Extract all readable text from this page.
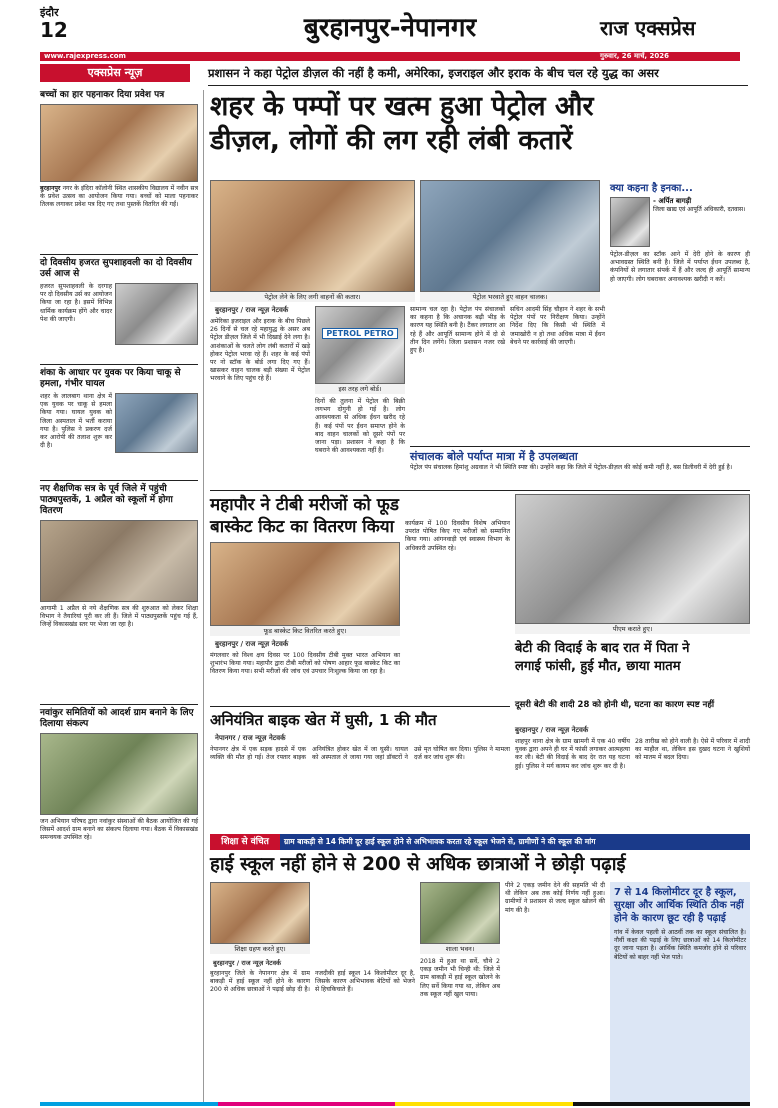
इंदौर
12	बुरहानपुर-नेपानगर	राज एक्सप्रेस
www.rajexpress.com	गुरुवार, 26 मार्च, 2026
एक्सप्रेस न्यूज़	प्रशासन ने कहा पेट्रोल डीज़ल की नहीं है कमी, अमेरिका, इजराइल और इराक के बीच चल रहे युद्ध का असर
बच्चों का हार पहनाकर दिया प्रवेश पत्र
बुरहानपुर नगर के इंदिरा कॉलोनी स्थित शासकीय विद्यालय में नवीन सत्र के प्रवेश उत्सव का आयोजन किया गया। बच्चों को माला पहनाकर तिलक लगाकर प्रवेश पत्र दिए गए तथा पुस्तकें वितरित की गईं।
दो दिवसीय हजरत सुपशाहवली का दो दिवसीय उर्स आज से
हजरत सुपशाहवली के दरगाह पर दो दिवसीय उर्स का आयोजन किया जा रहा है। इसमें विभिन्न धार्मिक कार्यक्रम होंगे और चादर पेश की जाएगी।
शंका के आधार पर युवक पर किया चाकू से हमला, गंभीर घायल
शहर के लालबाग थाना क्षेत्र में एक युवक पर चाकू से हमला किया गया। घायल युवक को जिला अस्पताल में भर्ती कराया गया है। पुलिस ने प्रकरण दर्ज कर आरोपी की तलाश शुरू कर दी है।
नए शैक्षणिक सत्र के पूर्व जिले में पहुंची पाठ्यपुस्तकें, 1 अप्रैल को स्कूलों में होगा वितरण
आगामी 1 अप्रैल से नये शैक्षणिक सत्र की शुरुआत को लेकर शिक्षा विभाग ने तैयारियां पूरी कर ली हैं। जिले में पाठ्यपुस्तकें पहुंच गई हैं, जिन्हें विकासखंड स्तर पर भेजा जा रहा है।
नवांकुर समितियों को आदर्श ग्राम बनाने के लिए दिलाया संकल्प
जन अभियान परिषद द्वारा नवांकुर संस्थाओं की बैठक आयोजित की गई जिसमें आदर्श ग्राम बनाने का संकल्प दिलाया गया। बैठक में विकासखंड समन्वयक उपस्थित रहे।
शहर के पम्पों पर खत्म हुआ पेट्रोल और
डीज़ल, लोगों की लग रही लंबी कतारें
पेट्रोल लेने के लिए लगी वाहनों की कतार।	पेट्रोल भरवाते हुए वाहन चालक।
बुरहानपुर / राज न्यूज़ नेटवर्क
अमेरिका इजराइल और इराक के बीच पिछले 26 दिनों से चल रहे महायुद्ध के असर अब पेट्रोल डीज़ल जिले में भी दिखाई देने लगा है। आशंकाओं के चलते लोग लंबी कतारों में खड़े होकर पेट्रोल भरवा रहे हैं। शहर के कई पंपों पर नो स्टॉक के बोर्ड लगा दिए गए हैं। खासकर वाहन चालक बड़ी संख्या में पेट्रोल भरवाने के लिए पहुंच रहे हैं।
PETROL PETRO
इस तरह लगे बोर्ड।
दिनों की तुलना में पेट्रोल की बिक्री लगभग दोगुनी हो गई है। लोग आवश्यकता से अधिक ईंधन खरीद रहे हैं। कई पंपों पर ईंधन समाप्त होने के बाद वाहन चालकों को दूसरे पंपों पर जाना पड़ा। प्रशासन ने कहा है कि घबराने की आवश्यकता नहीं है।
सामान्य चल रहा है। पेट्रोल पंप संचालकों का कहना है कि अचानक बढ़ी भीड़ के कारण यह स्थिति बनी है। टैंकर लगातार आ रहे हैं और आपूर्ति सामान्य होने में दो से तीन दिन लगेंगे। जिला प्रशासन नजर रखे हुए है।
सचिन आदमी सिंह चौहान ने शहर के सभी पेट्रोल पंपों पर निरीक्षण किया। उन्होंने निर्देश दिए कि किसी भी स्थिति में जमाखोरी न हो तथा अधिक मात्रा में ईंधन बेचने पर कार्रवाई की जाएगी।
क्या कहना है इनका...
- अर्पित बागड़ी
जिला खाद्य एवं आपूर्ति अधिकारी, दतवास।
पेट्रोल-डीज़ल का स्टॉक आने में देरी होने के कारण ही अभावग्रस्त स्थिति बनी है। जिले में पर्याप्त ईंधन उपलब्ध है, कंपनियों से लगातार संपर्क में हैं और जल्द ही आपूर्ति सामान्य हो जाएगी। लोग घबराकर अनावश्यक खरीदी न करें।
संचालक बोले पर्याप्त मात्रा में है उपलब्धता
पेट्रोल पंप संचालक हिमांशु अग्रवाल ने भी स्थिति स्पष्ट की। उन्होंने कहा कि जिले में पेट्रोल-डीज़ल की कोई कमी नहीं है, बस डिलीवरी में देरी हुई है।
महापौर ने टीबी मरीजों को फूड
बास्केट किट का वितरण किया
फूड बास्केट किट वितरित करते हुए।
बुरहानपुर / राज न्यूज़ नेटवर्क
मंगलवार को विश्व क्षय दिवस पर 100 दिवसीय टीबी मुक्त भारत अभियान का शुभारंभ किया गया। महापौर द्वारा टीबी मरीजों को पोषण आहार फूड बास्केट किट का वितरण किया गया। सभी मरीजों की जांच एवं उपचार निःशुल्क किया जा रहा है।
कार्यक्रम में 100 दिवसीय विशेष अभियान उपरांत पोषित किए गए मरीजों को सम्मानित किया गया। आंगनवाड़ी एवं स्वास्थ्य विभाग के अधिकारी उपस्थित रहे।
पीएम कराते हुए।
बेटी की विदाई के बाद रात में पिता ने
लगाई फांसी, हुई मौत, छाया मातम
दूसरी बेटी की शादी 28 को होनी थी, घटना का कारण स्पष्ट नहीं
बुरहानपुर / राज न्यूज़ नेटवर्क
शाहपुर थाना क्षेत्र के ग्राम खामनी में एक 40 वर्षीय युवक द्वारा अपने ही घर में फांसी लगाकर आत्महत्या कर ली। बेटी की विदाई के बाद देर रात यह घटना हुई। पुलिस ने मर्ग कायम कर जांच शुरू कर दी है।
28 तारीख को होने वाली है। ऐसे में परिवार में शादी का माहौल था, लेकिन इस दुखद घटना ने खुशियों को मातम में बदल दिया।
अनियंत्रित बाइक खेत में घुसी, 1 की मौत
नेपानगर / राज न्यूज़ नेटवर्क
नेपानगर क्षेत्र में एक सड़क हादसे में एक व्यक्ति की मौत हो गई। तेज रफ्तार बाइक अनियंत्रित होकर खेत में जा घुसी। घायल को अस्पताल ले जाया गया जहां डॉक्टरों ने उसे मृत घोषित कर दिया। पुलिस ने मामला दर्ज कर जांच शुरू की।
शिक्षा से वंचित	ग्राम बाकड़ी से 14 किमी दूर हाई स्कूल होने से अभिभावक करता रहे स्कूल भेजने से, ग्रामीणों ने की स्कूल की मांग
हाई स्कूल नहीं होने से 200 से अधिक छात्राओं ने छोड़ी पढ़ाई
शिक्षा ग्रहण करते हुए।
बुरहानपुर / राज न्यूज़ नेटवर्क
बुरहानपुर जिले के नेपानगर क्षेत्र में ग्राम बाकड़ी में हाई स्कूल नहीं होने के कारण 200 से अधिक छात्राओं ने पढ़ाई छोड़ दी है। नजदीकी हाई स्कूल 14 किलोमीटर दूर है, जिसके कारण अभिभावक बेटियों को भेजने से हिचकिचाते हैं।
शाला भवन।
2018 में हुआ था सर्वे, चौथे 2 एकड़ जमीन भी चिन्ही थी: जिले में ग्राम बाकड़ी में हाई स्कूल खोलने के लिए सर्वे किया गया था, लेकिन अब तक स्कूल नहीं खुल पाया।
पीने 2 एकड़ जमीन देने की सहमति भी दी थी लेकिन अब तक कोई निर्णय नहीं हुआ। ग्रामीणों ने प्रशासन से जल्द स्कूल खोलने की मांग की है।
7 से 14 किलोमीटर दूर है स्कूल, सुरक्षा और आर्थिक स्थिति ठीक नहीं होने के कारण छूट रही है पढ़ाई
गांव में केवल पहली से आठवीं तक का स्कूल संचालित है। नौवीं कक्षा की पढ़ाई के लिए छात्राओं को 14 किलोमीटर दूर जाना पड़ता है। आर्थिक स्थिति कमजोर होने से परिवार बेटियों को बाहर नहीं भेज पाते।
